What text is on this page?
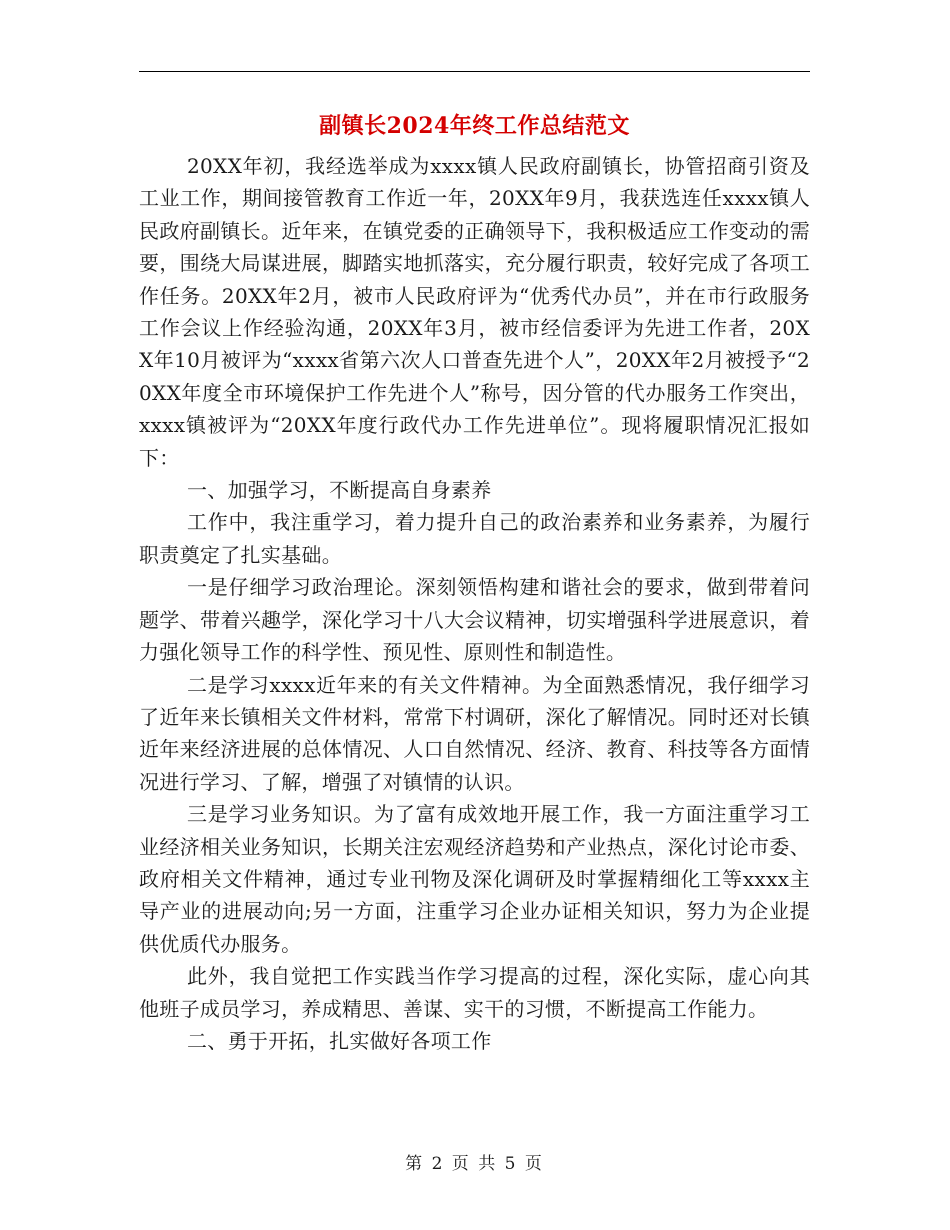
副镇长2024年终工作总结范文

20XX年初，我经选举成为xxxx镇人民政府副镇长，协管招商引资及工业工作，期间接管教育工作近一年，20XX年9月，我获选连任xxxx镇人民政府副镇长。近年来，在镇党委的正确领导下，我积极适应工作变动的需要，围绕大局谋进展，脚踏实地抓落实，充分履行职责，较好完成了各项工作任务。20XX年2月，被市人民政府评为“优秀代办员”，并在市行政服务工作会议上作经验沟通，20XX年3月，被市经信委评为先进工作者，20XX年10月被评为“xxxx省第六次人口普查先进个人”，20XX年2月被授予“20XX年度全市环境保护工作先进个人”称号，因分管的代办服务工作突出，xxxx镇被评为“20XX年度行政代办工作先进单位”。现将履职情况汇报如下：

一、加强学习，不断提高自身素养

工作中，我注重学习，着力提升自己的政治素养和业务素养，为履行职责奠定了扎实基础。

一是仔细学习政治理论。深刻领悟构建和谐社会的要求，做到带着问题学、带着兴趣学，深化学习十八大会议精神，切实增强科学进展意识，着力强化领导工作的科学性、预见性、原则性和制造性。

二是学习xxxx近年来的有关文件精神。为全面熟悉情况，我仔细学习了近年来长镇相关文件材料，常常下村调研，深化了解情况。同时还对长镇近年来经济进展的总体情况、人口自然情况、经济、教育、科技等各方面情况进行学习、了解，增强了对镇情的认识。

三是学习业务知识。为了富有成效地开展工作，我一方面注重学习工业经济相关业务知识，长期关注宏观经济趋势和产业热点，深化讨论市委、政府相关文件精神，通过专业刊物及深化调研及时掌握精细化工等xxxx主导产业的进展动向;另一方面，注重学习企业办证相关知识，努力为企业提供优质代办服务。

此外，我自觉把工作实践当作学习提高的过程，深化实际，虚心向其他班子成员学习，养成精思、善谋、实干的习惯，不断提高工作能力。

二、勇于开拓，扎实做好各项工作

第 2 页 共 5 页
